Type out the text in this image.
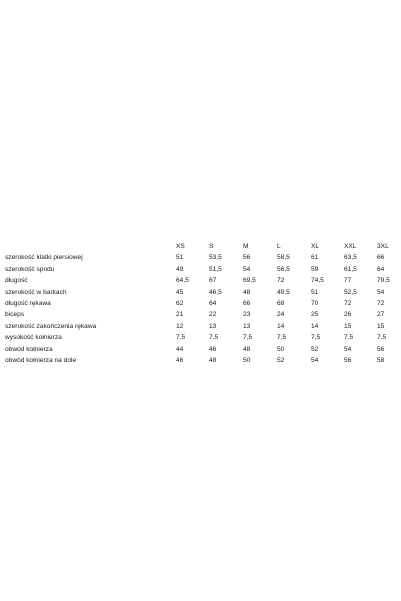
XS	S	M	L	XL	XXL	3XL
szerokość klatki piersiowej	51	53,5	56	58,5	61	63,5	66
szerokość spodu	49	51,5	54	56,5	59	61,5	64
długość	64,5	67	69,5	72	74,5	77	79,5
szerokość w barkach	45	46,5	48	49,5	51	52,5	54
długość rękawa	62	64	66	68	70	72	72
biceps	21	22	23	24	25	26	27
szerokość zakończenia rękawa	12	13	13	14	14	15	15
wysokość kołnierza	7,5	7,5	7,5	7,5	7,5	7,5	7,5
obwód kołnierza	44	46	48	50	52	54	56
obwód kołnierza na dole	46	48	50	52	54	56	58
